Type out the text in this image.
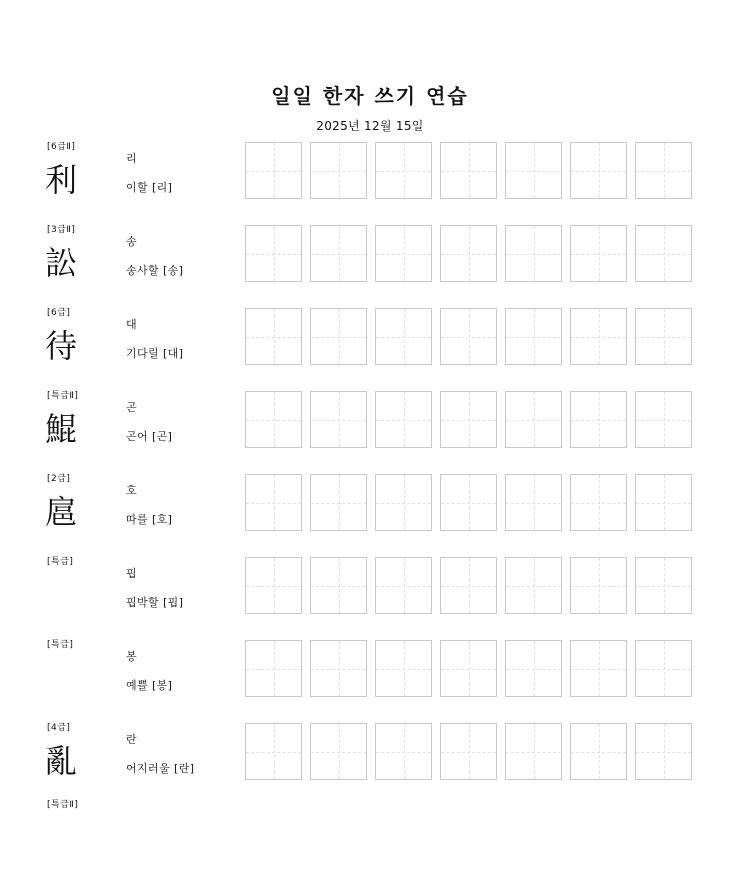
일일 한자 쓰기 연습
2025년 12월 15일
[6급Ⅱ]
利
리
이할 [리]
[3급Ⅱ]
訟
송
송사할 [송]
[6급]
待
대
기다릴 [대]
[특급Ⅱ]
鯤
곤
곤어 [곤]
[2급]
扈
호
따를 [호]
[특급]
핍
핍박할 [핍]
[특급]
봉
예쁠 [봉]
[4급]
亂
란
어지러울 [란]
[특급Ⅱ]
